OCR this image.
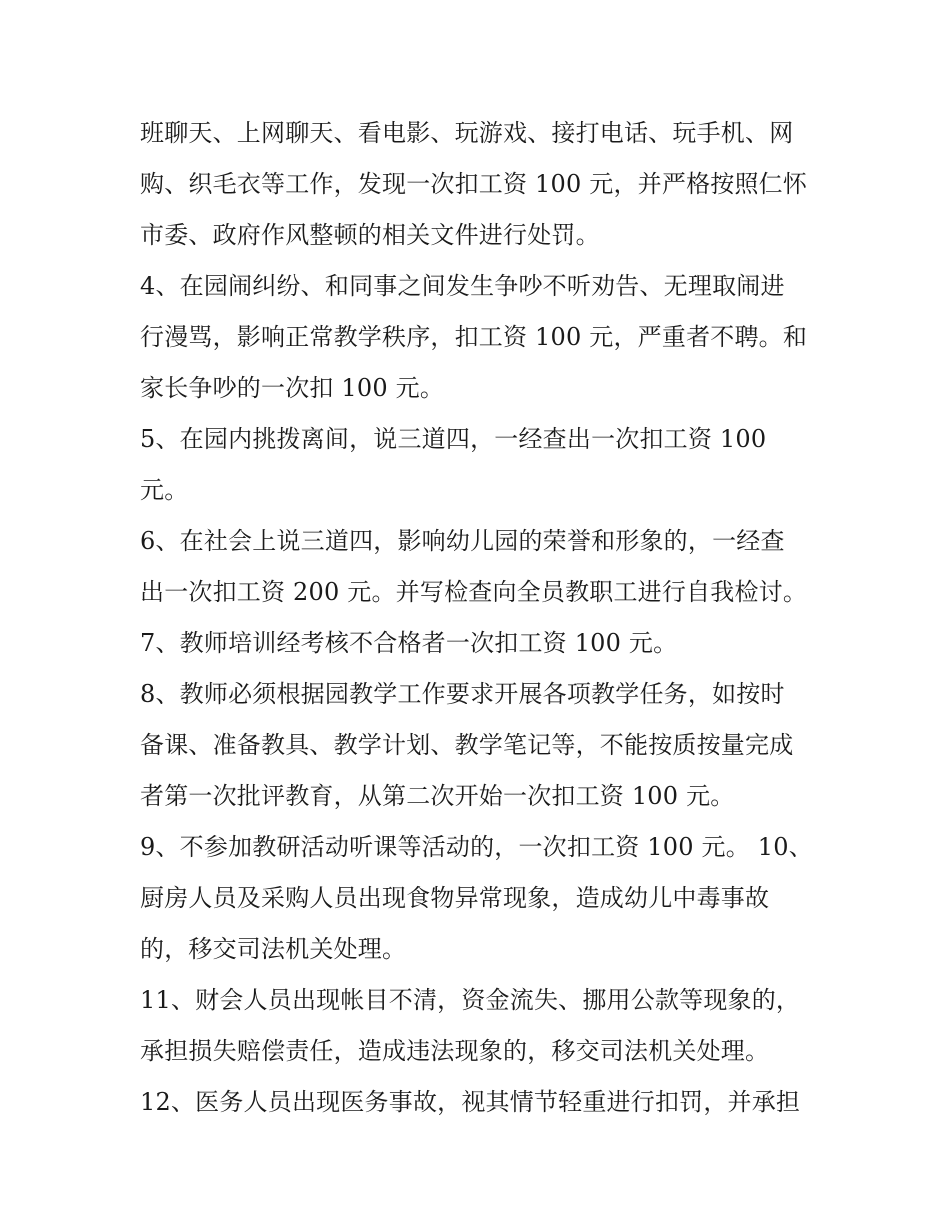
班聊天、上网聊天、看电影、玩游戏、接打电话、玩手机、网
购、织毛衣等工作，发现一次扣工资 100 元，并严格按照仁怀
市委、政府作风整顿的相关文件进行处罚。
4、在园闹纠纷、和同事之间发生争吵不听劝告、无理取闹进
行漫骂，影响正常教学秩序，扣工资 100 元，严重者不聘。和
家长争吵的一次扣 100 元。
5、在园内挑拨离间，说三道四，一经查出一次扣工资 100
元。
6、在社会上说三道四，影响幼儿园的荣誉和形象的，一经查
出一次扣工资 200 元。并写检查向全员教职工进行自我检讨。
7、教师培训经考核不合格者一次扣工资 100 元。
8、教师必须根据园教学工作要求开展各项教学任务，如按时
备课、准备教具、教学计划、教学笔记等，不能按质按量完成
者第一次批评教育，从第二次开始一次扣工资 100 元。
9、不参加教研活动听课等活动的，一次扣工资 100 元。 10、
厨房人员及采购人员出现食物异常现象，造成幼儿中毒事故
的，移交司法机关处理。
11、财会人员出现帐目不清，资金流失、挪用公款等现象的，
承担损失赔偿责任，造成违法现象的，移交司法机关处理。
12、医务人员出现医务事故，视其情节轻重进行扣罚，并承担
